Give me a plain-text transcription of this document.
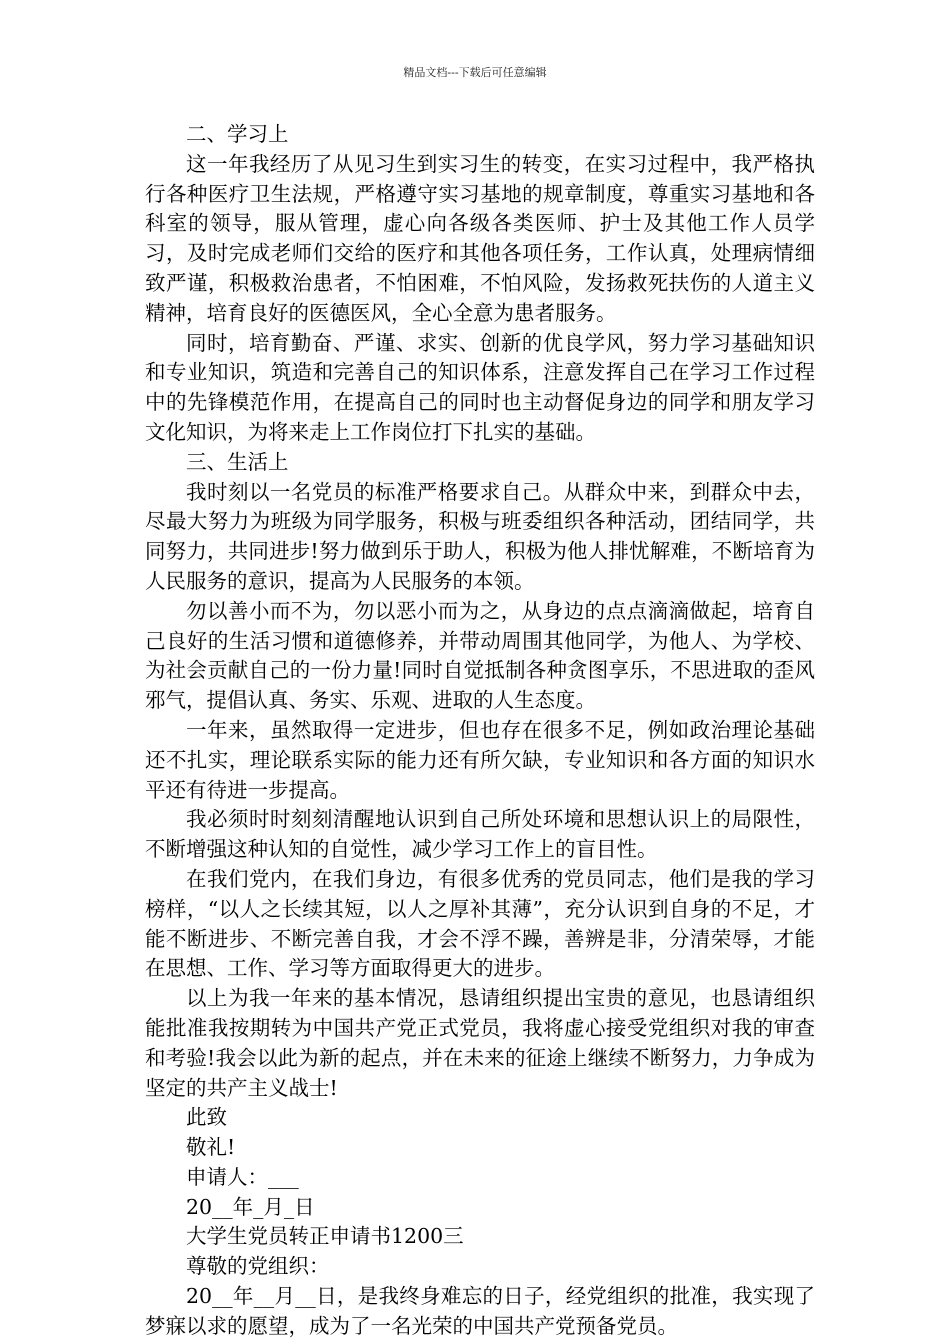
精品文档---下载后可任意编辑

二、学习上

这一年我经历了从见习生到实习生的转变，在实习过程中，我严格执行各种医疗卫生法规，严格遵守实习基地的规章制度，尊重实习基地和各科室的领导，服从管理，虚心向各级各类医师、护士及其他工作人员学习，及时完成老师们交给的医疗和其他各项任务，工作认真，处理病情细致严谨，积极救治患者，不怕困难，不怕风险，发扬救死扶伤的人道主义精神，培育良好的医德医风，全心全意为患者服务。

同时，培育勤奋、严谨、求实、创新的优良学风，努力学习基础知识和专业知识，筑造和完善自己的知识体系，注意发挥自己在学习工作过程中的先锋模范作用，在提高自己的同时也主动督促身边的同学和朋友学习文化知识，为将来走上工作岗位打下扎实的基础。

三、生活上

我时刻以一名党员的标准严格要求自己。从群众中来，到群众中去，尽最大努力为班级为同学服务，积极与班委组织各种活动，团结同学，共同努力，共同进步!努力做到乐于助人，积极为他人排忧解难，不断培育为人民服务的意识，提高为人民服务的本领。

勿以善小而不为，勿以恶小而为之，从身边的点点滴滴做起，培育自己良好的生活习惯和道德修养，并带动周围其他同学，为他人、为学校、为社会贡献自己的一份力量!同时自觉抵制各种贪图享乐，不思进取的歪风邪气，提倡认真、务实、乐观、进取的人生态度。

一年来，虽然取得一定进步，但也存在很多不足，例如政治理论基础还不扎实，理论联系实际的能力还有所欠缺，专业知识和各方面的知识水平还有待进一步提高。

我必须时时刻刻清醒地认识到自己所处环境和思想认识上的局限性，不断增强这种认知的自觉性，减少学习工作上的盲目性。

在我们党内，在我们身边，有很多优秀的党员同志，他们是我的学习榜样，“以人之长续其短，以人之厚补其薄”，充分认识到自身的不足，才能不断进步、不断完善自我，才会不浮不躁，善辨是非，分清荣辱，才能在思想、工作、学习等方面取得更大的进步。

以上为我一年来的基本情况，恳请组织提出宝贵的意见，也恳请组织能批准我按期转为中国共产党正式党员，我将虚心接受党组织对我的审查和考验!我会以此为新的起点，并在未来的征途上继续不断努力，力争成为坚定的共产主义战士!

此致

敬礼!

申请人：___

20__年_月_日

大学生党员转正申请书1200三

尊敬的党组织：

20__年__月__日，是我终身难忘的日子，经党组织的批准，我实现了梦寐以求的愿望，成为了一名光荣的中国共产党预备党员。
